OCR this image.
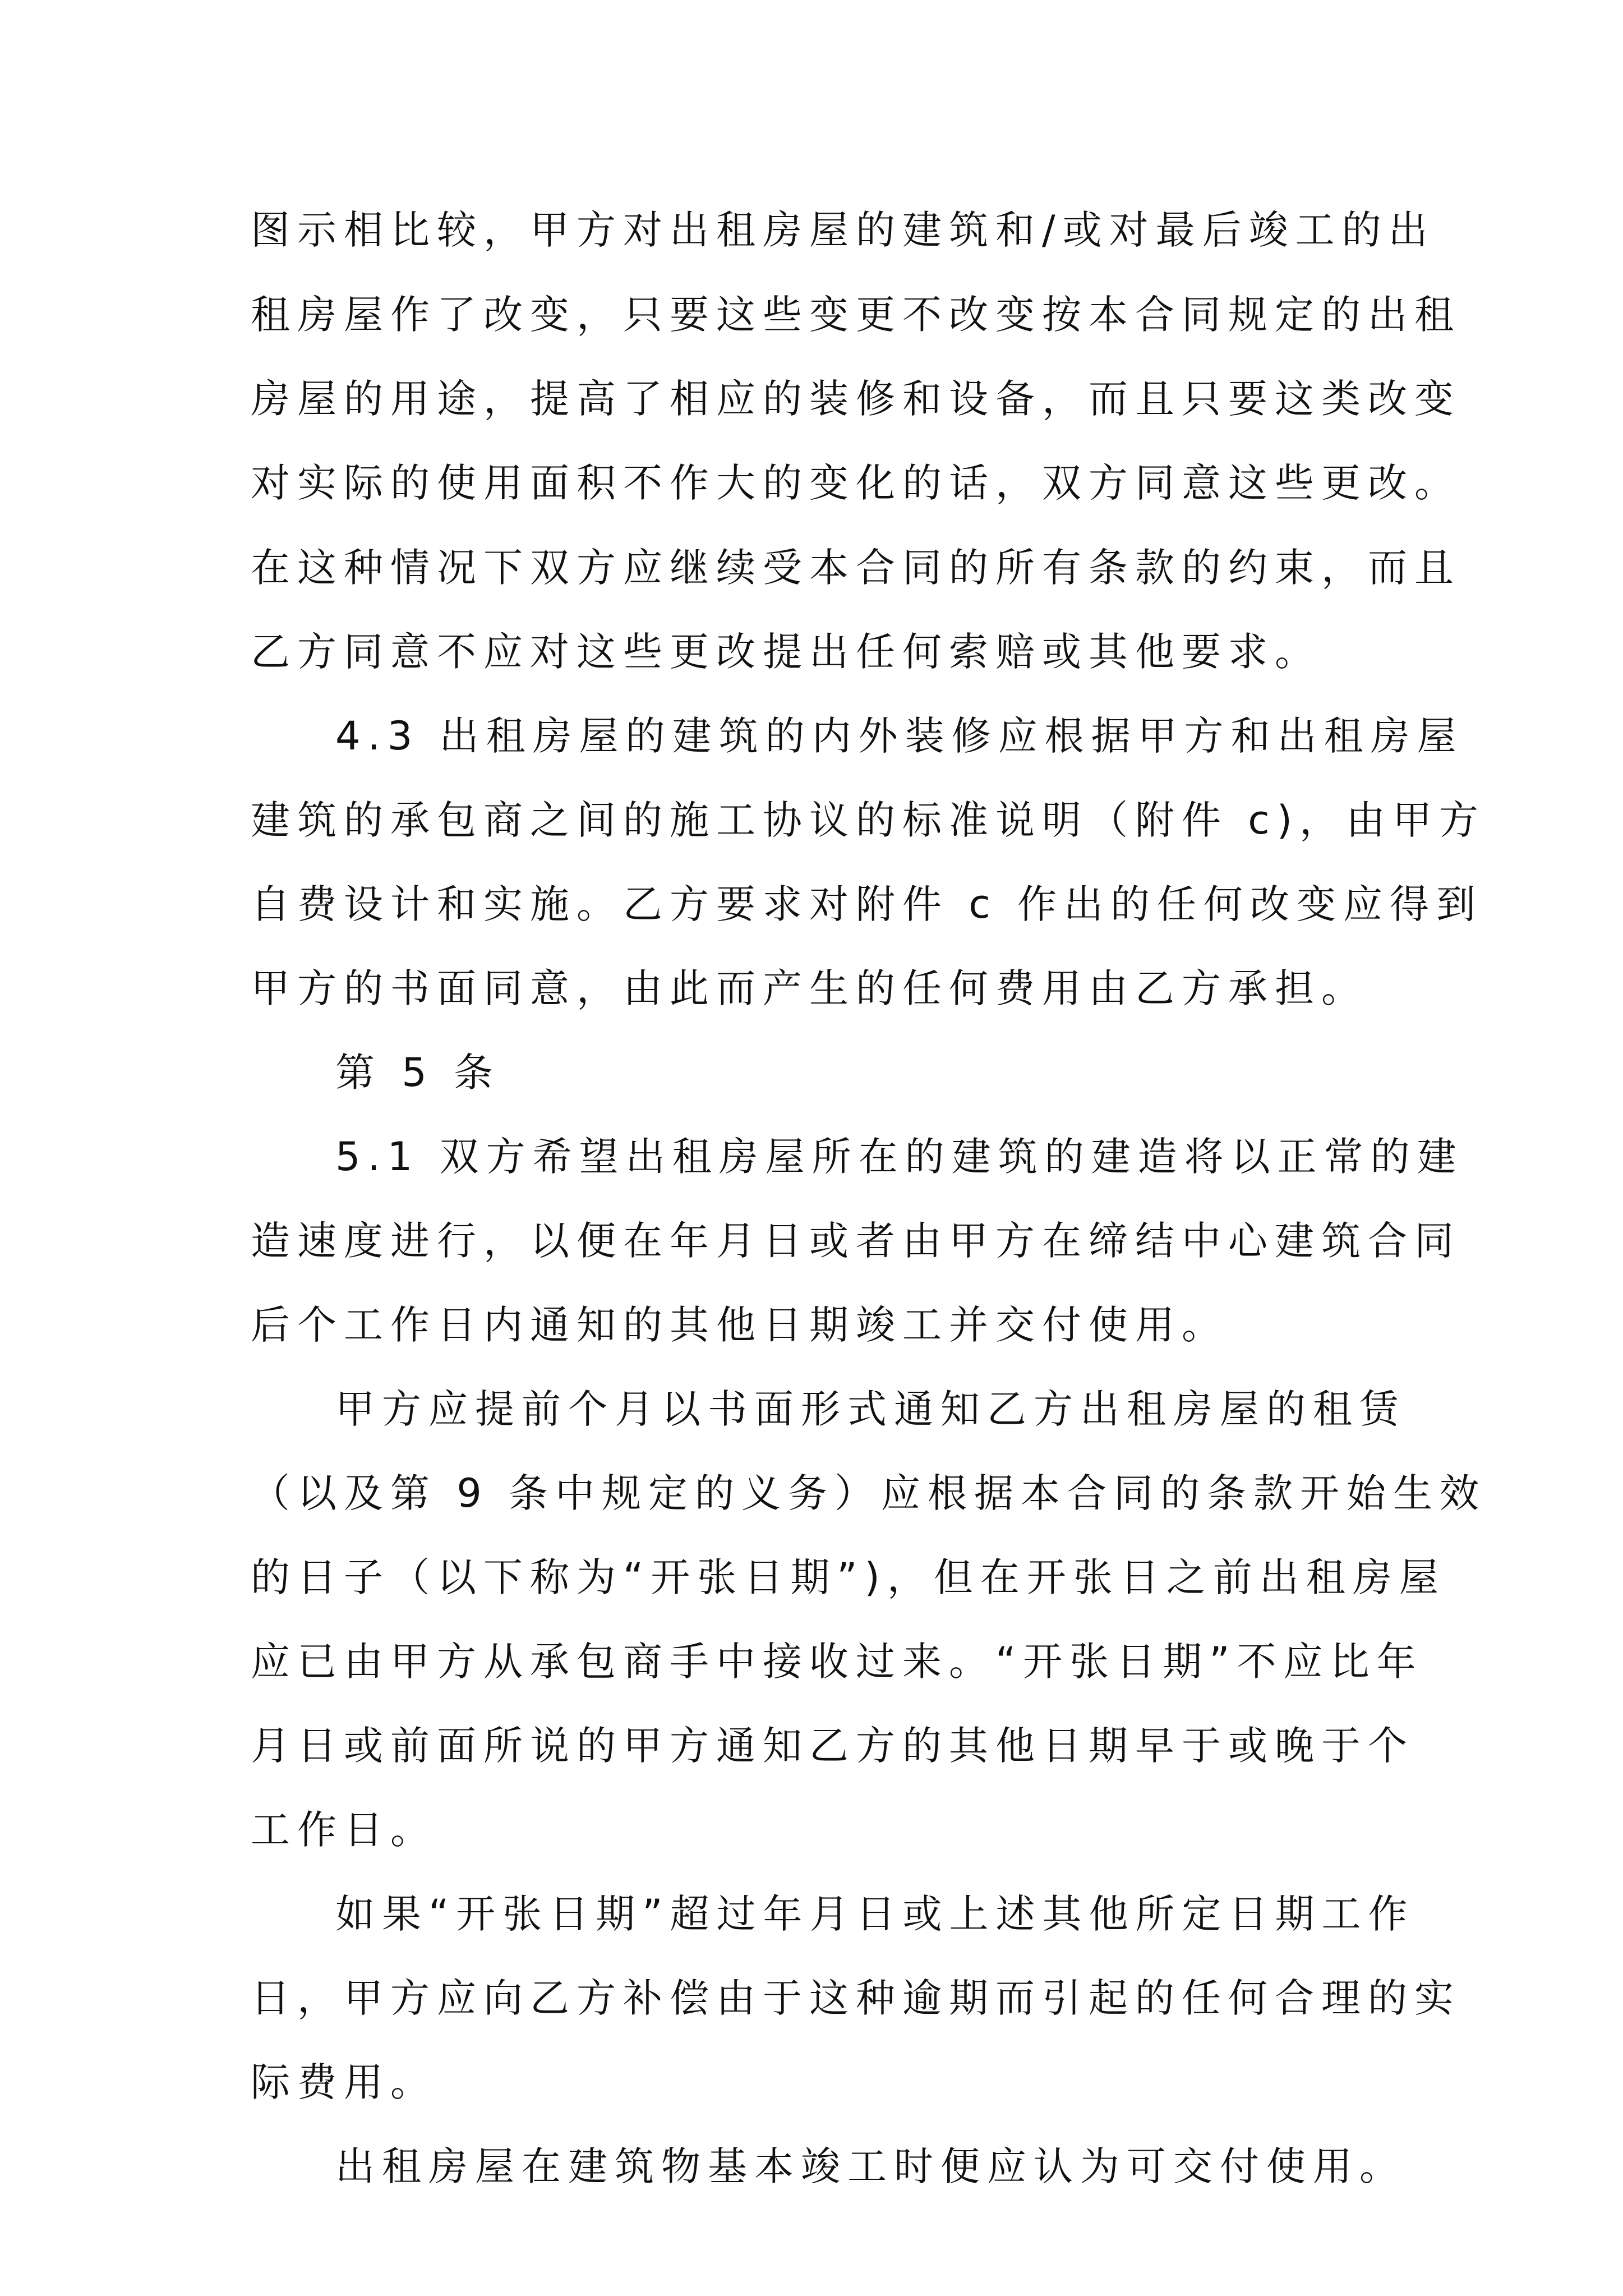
图示相比较，甲方对出租房屋的建筑和/或对最后竣工的出
租房屋作了改变，只要这些变更不改变按本合同规定的出租
房屋的用途，提高了相应的装修和设备，而且只要这类改变
对实际的使用面积不作大的变化的话，双方同意这些更改。
在这种情况下双方应继续受本合同的所有条款的约束，而且
乙方同意不应对这些更改提出任何索赔或其他要求。
4.3 出租房屋的建筑的内外装修应根据甲方和出租房屋
建筑的承包商之间的施工协议的标准说明（附件 c)，由甲方
自费设计和实施。乙方要求对附件 c 作出的任何改变应得到
甲方的书面同意，由此而产生的任何费用由乙方承担。
第 5 条
5.1 双方希望出租房屋所在的建筑的建造将以正常的建
造速度进行，以便在年月日或者由甲方在缔结中心建筑合同
后个工作日内通知的其他日期竣工并交付使用。
甲方应提前个月以书面形式通知乙方出租房屋的租赁
（以及第 9 条中规定的义务）应根据本合同的条款开始生效
的日子（以下称为“开张日期”)，但在开张日之前出租房屋
应已由甲方从承包商手中接收过来。“开张日期”不应比年
月日或前面所说的甲方通知乙方的其他日期早于或晚于个
工作日。
如果“开张日期”超过年月日或上述其他所定日期工作
日，甲方应向乙方补偿由于这种逾期而引起的任何合理的实
际费用。
出租房屋在建筑物基本竣工时便应认为可交付使用。
